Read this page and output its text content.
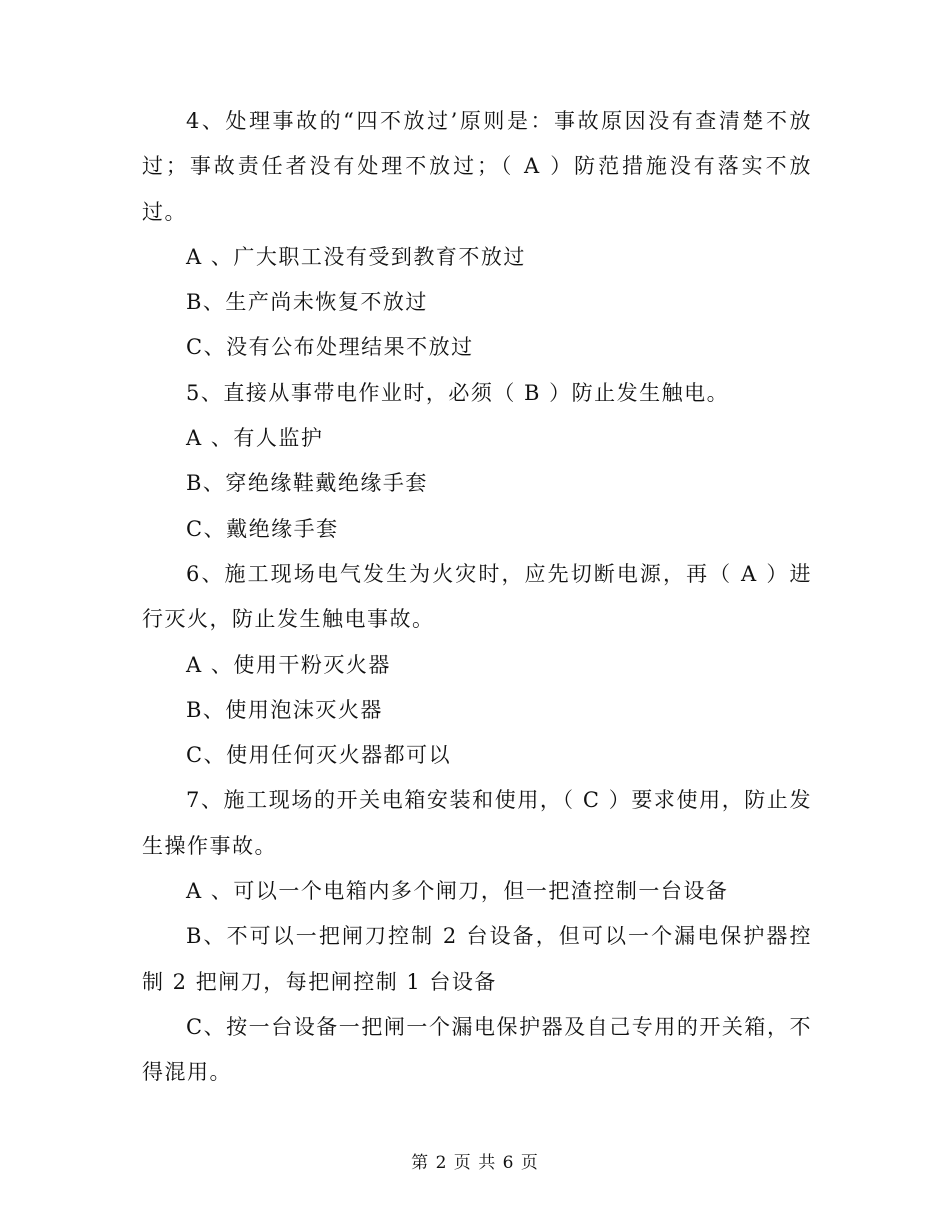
4、处理事故的“四不放过’原则是：事故原因没有查清楚不放过；事故责任者没有处理不放过；（ A ）防范措施没有落实不放过。

A 、广大职工没有受到教育不放过

B、生产尚未恢复不放过

C、没有公布处理结果不放过

5、直接从事带电作业时，必须（ B ）防止发生触电。

A 、有人监护

B、穿绝缘鞋戴绝缘手套

C、戴绝缘手套

6、施工现场电气发生为火灾时，应先切断电源，再（ A ）进行灭火，防止发生触电事故。

A 、使用干粉灭火器

B、使用泡沫灭火器

C、使用任何灭火器都可以

7、施工现场的开关电箱安装和使用，（ C ）要求使用，防止发生操作事故。

A 、可以一个电箱内多个闸刀，但一把渣控制一台设备

B、不可以一把闸刀控制 2 台设备，但可以一个漏电保护器控制 2 把闸刀，每把闸控制 1 台设备

C、按一台设备一把闸一个漏电保护器及自己专用的开关箱，不得混用。

第 2 页 共 6 页
